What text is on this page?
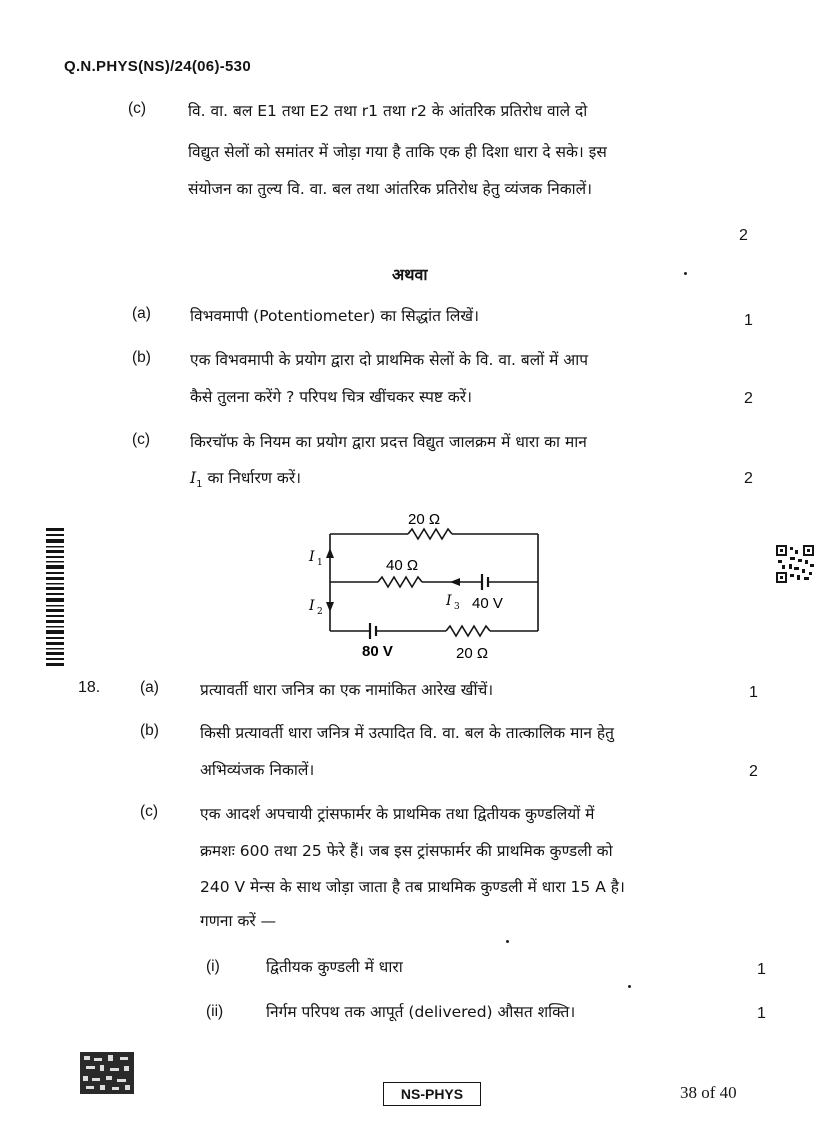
Q.N.PHYS(NS)/24(06)-530
(c)	वि. वा. बल E1 तथा E2 तथा r1 तथा r2 के आंतरिक प्रतिरोध वाले दो
विद्युत सेलों को समांतर में जोड़ा गया है ताकि एक ही दिशा धारा दे सके। इस
संयोजन का तुल्य वि. वा. बल तथा आंतरिक प्रतिरोध हेतु व्यंजक निकालें।
2
अथवा
(a)	विभवमापी (Potentiometer) का सिद्धांत लिखें।	1
(b)	एक विभवमापी के प्रयोग द्वारा दो प्राथमिक सेलों के वि. वा. बलों में आप
कैसे तुलना करेंगे ? परिपथ चित्र खींचकर स्पष्ट करें।	2
(c)	किरचॉफ के नियम का प्रयोग द्वारा प्रदत्त विद्युत जालक्रम में धारा का मान
$I_1$ का निर्धारण करें।	2
20 Ω
40 Ω
20 Ω
40 V
80 V
I 1
I 2
I 3
18.	(a)	प्रत्यावर्ती धारा जनित्र का एक नामांकित आरेख खींचें।	1
(b)	किसी प्रत्यावर्ती धारा जनित्र में उत्पादित वि. वा. बल के तात्कालिक मान हेतु
अभिव्यंजक निकालें।	2
(c)	एक आदर्श अपचायी ट्रांसफार्मर के प्राथमिक तथा द्वितीयक कुण्डलियों में
क्रमशः 600 तथा 25 फेरे हैं। जब इस ट्रांसफार्मर की प्राथमिक कुण्डली को
240 V मेन्स के साथ जोड़ा जाता है तब प्राथमिक कुण्डली में धारा 15 A है।
गणना करें —
(i)	द्वितीयक कुण्डली में धारा	1
(ii)	निर्गम परिपथ तक आपूर्त (delivered) औसत शक्ति।	1
NS-PHYS	38 of 40
